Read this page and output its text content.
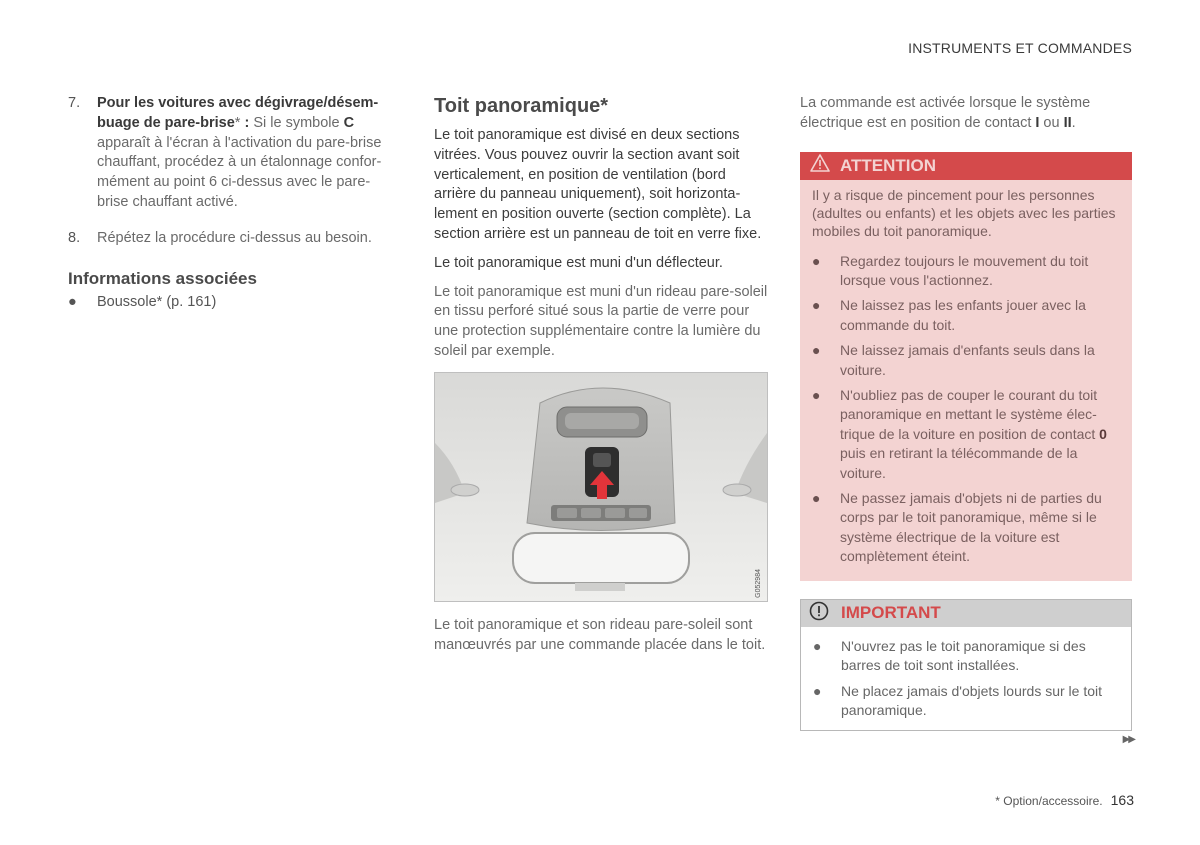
INSTRUMENTS ET COMMANDES
7.	Pour les voitures avec dégivrage/désem-buage de pare-brise* : Si le symbole C apparaît à l'écran à l'activation du pare-brise chauffant, procédez à un étalonnage confor-mément au point 6 ci-dessus avec le pare-brise chauffant activé.
8.	Répétez la procédure ci-dessus au besoin.
Informations associées
●	Boussole* (p. 161)
Toit panoramique*
Le toit panoramique est divisé en deux sections vitrées. Vous pouvez ouvrir la section avant soit verticalement, en position de ventilation (bord arrière du panneau uniquement), soit horizonta-lement en position ouverte (section complète). La section arrière est un panneau de toit en verre fixe.
Le toit panoramique est muni d'un déflecteur.
Le toit panoramique est muni d'un rideau pare-soleil en tissu perforé situé sous la partie de verre pour une protection supplémentaire contre la lumière du soleil par exemple.
G052984
Le toit panoramique et son rideau pare-soleil sont manœuvrés par une commande placée dans le toit.
La commande est activée lorsque le système électrique est en position de contact I ou II.
ATTENTION
Il y a risque de pincement pour les personnes (adultes ou enfants) et les objets avec les parties mobiles du toit panoramique.
●	Regardez toujours le mouvement du toit lorsque vous l'actionnez.
●	Ne laissez pas les enfants jouer avec la commande du toit.
●	Ne laissez jamais d'enfants seuls dans la voiture.
●	N'oubliez pas de couper le courant du toit panoramique en mettant le système élec-trique de la voiture en position de contact 0 puis en retirant la télécommande de la voiture.
●	Ne passez jamais d'objets ni de parties du corps par le toit panoramique, même si le système électrique de la voiture est complètement éteint.
IMPORTANT
●	N'ouvrez pas le toit panoramique si des barres de toit sont installées.
●	Ne placez jamais d'objets lourds sur le toit panoramique.
▶▶
* Option/accessoire. 163
